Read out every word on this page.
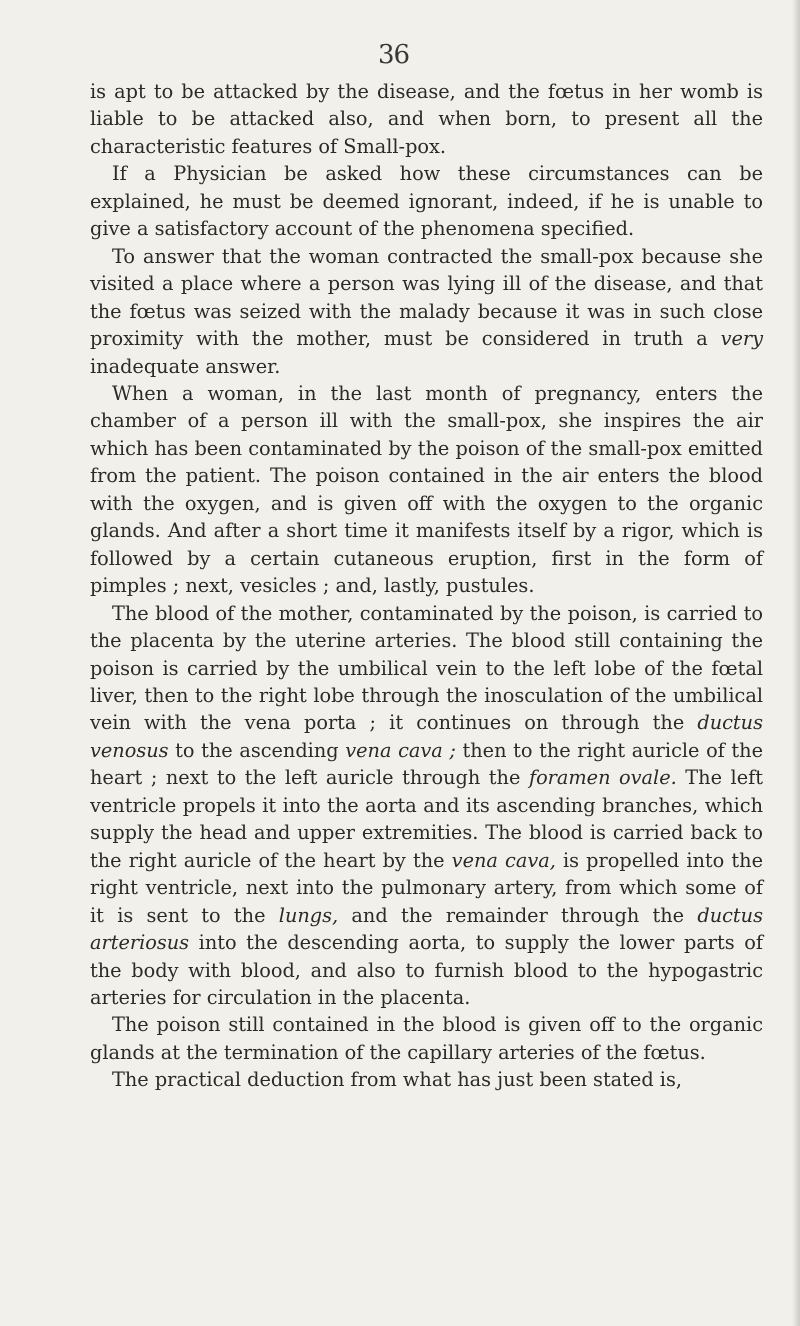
36

is apt to be attacked by the disease, and the fœtus in her womb is liable to be attacked also, and when born, to present all the characteristic features of Small-pox.

If a Physician be asked how these circumstances can be explained, he must be deemed ignorant, indeed, if he is unable to give a satisfactory account of the phenomena specified.

To answer that the woman contracted the small-pox because she visited a place where a person was lying ill of the disease, and that the fœtus was seized with the malady because it was in such close proximity with the mother, must be considered in truth a very inadequate answer.

When a woman, in the last month of pregnancy, enters the chamber of a person ill with the small-pox, she inspires the air which has been contaminated by the poison of the small-pox emitted from the patient. The poison contained in the air enters the blood with the oxygen, and is given off with the oxygen to the organic glands. And after a short time it manifests itself by a rigor, which is followed by a certain cutaneous eruption, first in the form of pimples ; next, vesicles ; and, lastly, pustules.

The blood of the mother, contaminated by the poison, is carried to the placenta by the uterine arteries. The blood still containing the poison is carried by the umbilical vein to the left lobe of the fœtal liver, then to the right lobe through the inosculation of the umbilical vein with the vena porta ; it continues on through the ductus venosus to the ascending vena cava ; then to the right auricle of the heart ; next to the left auricle through the foramen ovale. The left ventricle propels it into the aorta and its ascending branches, which supply the head and upper extremities. The blood is carried back to the right auricle of the heart by the vena cava, is propelled into the right ventricle, next into the pulmonary artery, from which some of it is sent to the lungs, and the remainder through the ductus arteriosus into the descending aorta, to supply the lower parts of the body with blood, and also to furnish blood to the hypogastric arteries for circulation in the placenta.

The poison still contained in the blood is given off to the organic glands at the termination of the capillary arteries of the fœtus.

The practical deduction from what has just been stated is,
